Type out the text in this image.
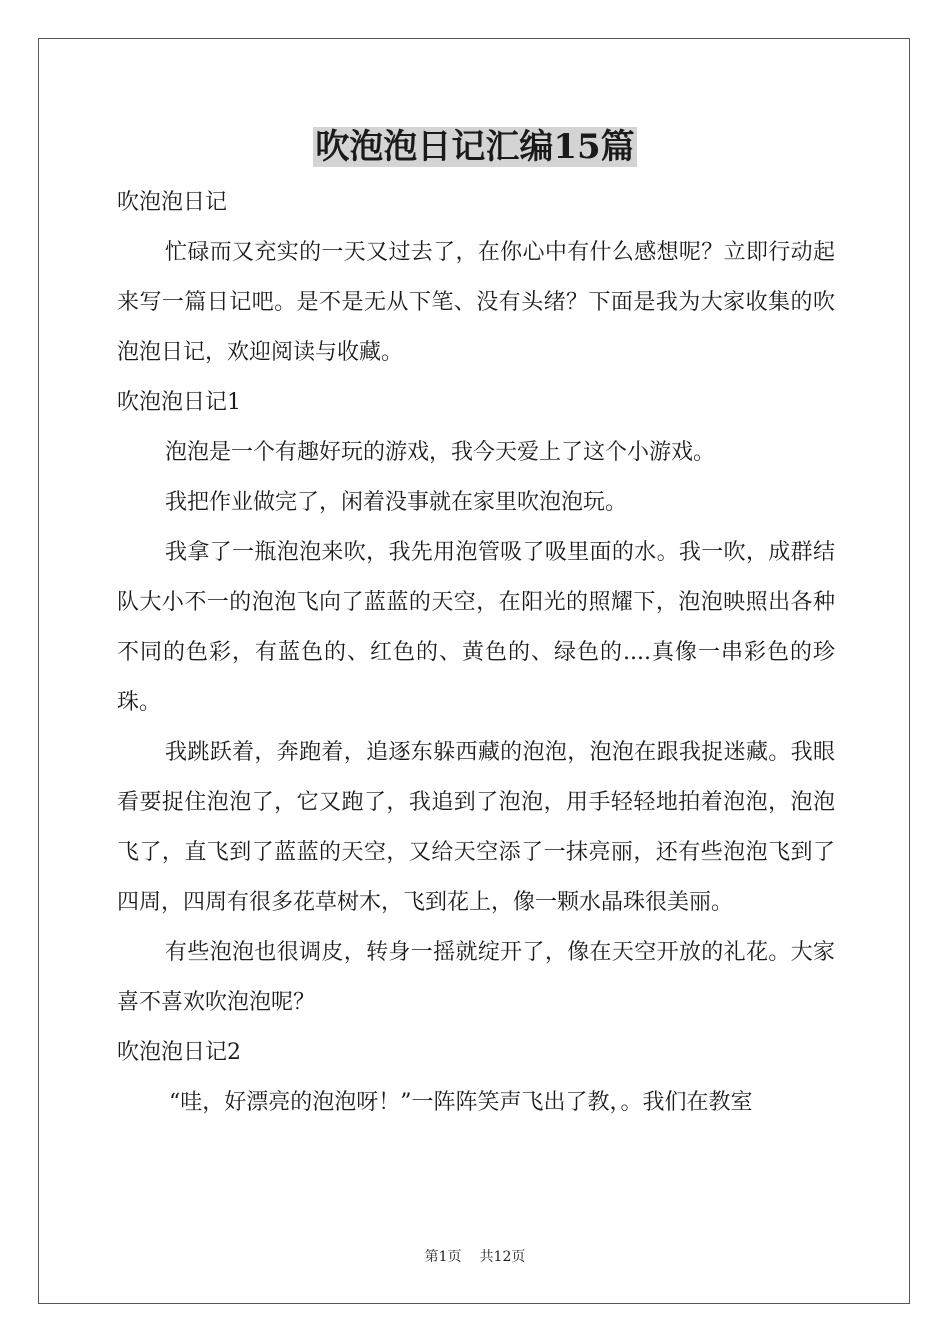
吹泡泡日记汇编15篇

吹泡泡日记

忙碌而又充实的一天又过去了，在你心中有什么感想呢？立即行动起来写一篇日记吧。是不是无从下笔、没有头绪？下面是我为大家收集的吹泡泡日记，欢迎阅读与收藏。

吹泡泡日记1

泡泡是一个有趣好玩的游戏，我今天爱上了这个小游戏。

我把作业做完了，闲着没事就在家里吹泡泡玩。

我拿了一瓶泡泡来吹，我先用泡管吸了吸里面的水。我一吹，成群结队大小不一的泡泡飞向了蓝蓝的天空，在阳光的照耀下，泡泡映照出各种不同的色彩，有蓝色的、红色的、黄色的、绿色的....真像一串彩色的珍珠。

我跳跃着，奔跑着，追逐东躲西藏的泡泡，泡泡在跟我捉迷藏。我眼看要捉住泡泡了，它又跑了，我追到了泡泡，用手轻轻地拍着泡泡，泡泡飞了，直飞到了蓝蓝的天空，又给天空添了一抹亮丽，还有些泡泡飞到了四周，四周有很多花草树木，飞到花上，像一颗水晶珠很美丽。

有些泡泡也很调皮，转身一摇就绽开了，像在天空开放的礼花。大家喜不喜欢吹泡泡呢？

吹泡泡日记2

“哇，好漂亮的泡泡呀！”一阵阵笑声飞出了教，。我们在教室

第1页 共12页
